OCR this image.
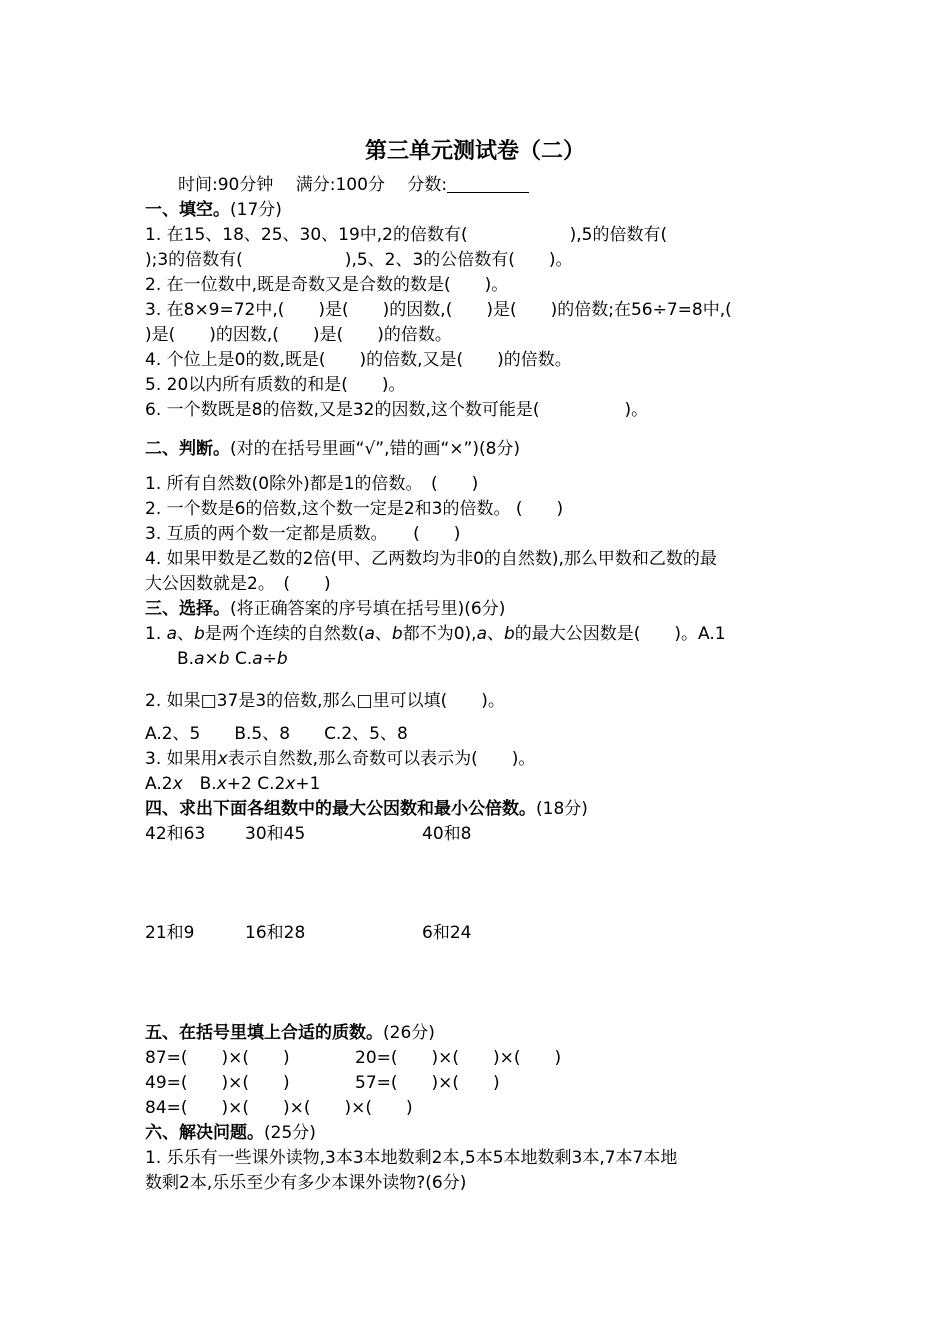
第三单元测试卷（二）
时间:90分钟　 满分:100分　 分数:
一、填空。(17分)
1. 在15、18、25、30、19中,2的倍数有(　　　　　　),5的倍数有(
);3的倍数有(　　　　　　),5、2、3的公倍数有(　　)。
2. 在一位数中,既是奇数又是合数的数是(　　)。
3. 在8×9=72中,(　　)是(　　)的因数,(　　)是(　　)的倍数;在56÷7=8中,(
)是(　　)的因数,(　　)是(　　)的倍数。
4. 个位上是0的数,既是(　　)的倍数,又是(　　)的倍数。
5. 20以内所有质数的和是(　　)。
6. 一个数既是8的倍数,又是32的因数,这个数可能是(　　　　　)。
二、判断。(对的在括号里画“√”,错的画“×”)(8分)
1. 所有自然数(0除外)都是1的倍数。　(　　)
2. 一个数是6的倍数,这个数一定是2和3的倍数。 (　　)
3. 互质的两个数一定都是质数。　　(　　)
4. 如果甲数是乙数的2倍(甲、乙两数均为非0的自然数),那么甲数和乙数的最
大公因数就是2。　(　　)
三、选择。(将正确答案的序号填在括号里)(6分)
1. a、b是两个连续的自然数(a、b都不为0),a、b的最大公因数是(　　)。A.1
B.a×b C.a÷b
2. 如果□37是3的倍数,那么□里可以填(　　)。
A.2、5　　B.5、8　　C.2、5、8
3. 如果用x表示自然数,那么奇数可以表示为(　　)。
A.2x　B.x+2 C.2x+1
四、求出下面各组数中的最大公因数和最小公倍数。(18分)
42和63 30和45	40和8
21和9	16和28	6和24
五、在括号里填上合适的质数。(26分)
87=(　　)×(　　)	20=(　　)×(　　)×(　　)
49=(　　)×(　　)	57=(　　)×(　　)
84=(　　)×(　　)×(　　)×(　　)
六、解决问题。(25分)
1. 乐乐有一些课外读物,3本3本地数剩2本,5本5本地数剩3本,7本7本地
数剩2本,乐乐至少有多少本课外读物?(6分)
